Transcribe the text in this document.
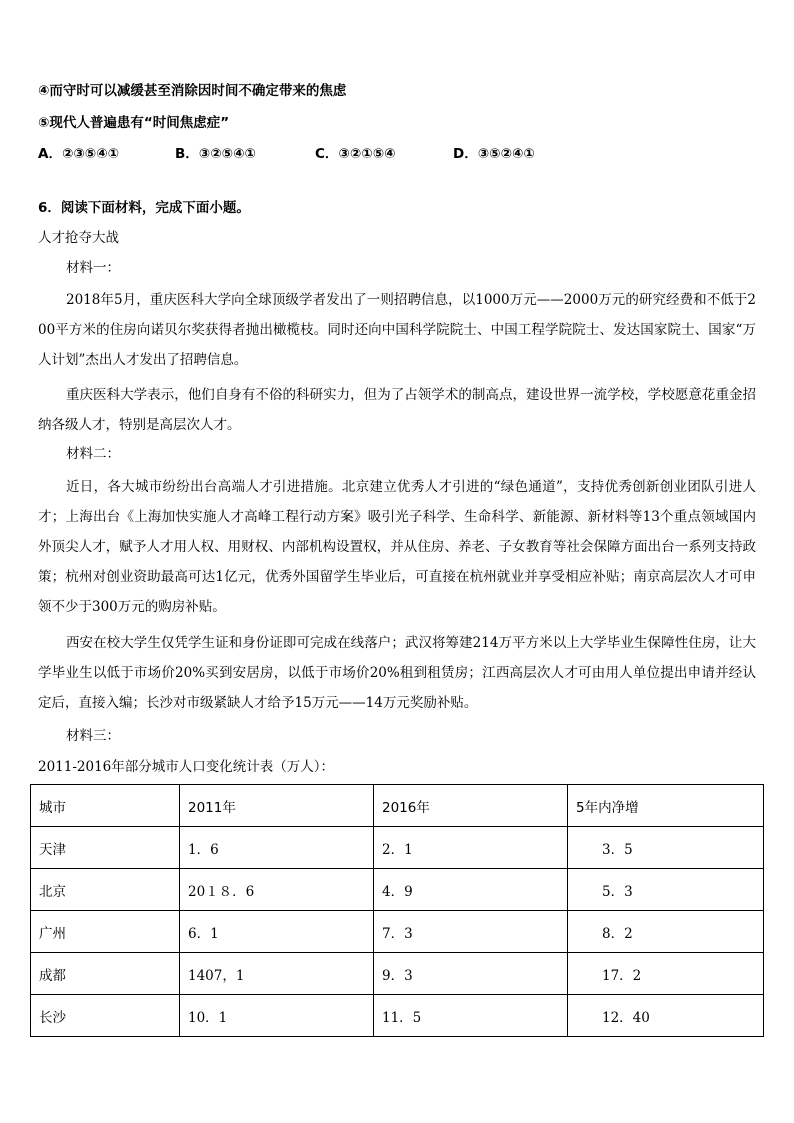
④而守时可以减缓甚至消除因时间不确定带来的焦虑
⑤现代人普遍患有“时间焦虑症”
A．②③⑤④①	B．③②⑤④①	C．③②①⑤④	D．③⑤②④①
6．阅读下面材料，完成下面小题。
人才抢夺大战
材料一：
2018年5月，重庆医科大学向全球顶级学者发出了一则招聘信息，以1000万元——2000万元的研究经费和不低于200平方米的住房向诺贝尔奖获得者抛出橄榄枝。同时还向中国科学院院士、中国工程学院院士、发达国家院士、国家“万人计划”杰出人才发出了招聘信息。
重庆医科大学表示，他们自身有不俗的科研实力，但为了占领学术的制高点，建设世界一流学校，学校愿意花重金招纳各级人才，特别是高层次人才。
材料二：
近日，各大城市纷纷出台高端人才引进措施。北京建立优秀人才引进的“绿色通道”，支持优秀创新创业团队引进人才；上海出台《上海加快实施人才高峰工程行动方案》吸引光子科学、生命科学、新能源、新材料等13个重点领域国内外顶尖人才，赋予人才用人权、用财权、内部机构设置权，并从住房、养老、子女教育等社会保障方面出台一系列支持政策；杭州对创业资助最高可达1亿元，优秀外国留学生毕业后，可直接在杭州就业并享受相应补贴；南京高层次人才可申领不少于300万元的购房补贴。
西安在校大学生仅凭学生证和身份证即可完成在线落户；武汉将筹建214万平方米以上大学毕业生保障性住房，让大学毕业生以低于市场价20%买到安居房，以低于市场价20%租到租赁房；江西高层次人才可由用人单位提出申请并经认定后，直接入编；长沙对市级紧缺人才给予15万元——14万元奖励补贴。
材料三：
2011-2016年部分城市人口变化统计表（万人）：
城市	2011年	2016年	5年内净增
天津	1．6	2．1	3．5
北京	20１８．6	4．9	5．3
广州	6．1	7．3	8．2
成都	1407，1	9．3	17．2
长沙	10．1	11．5	12．40
